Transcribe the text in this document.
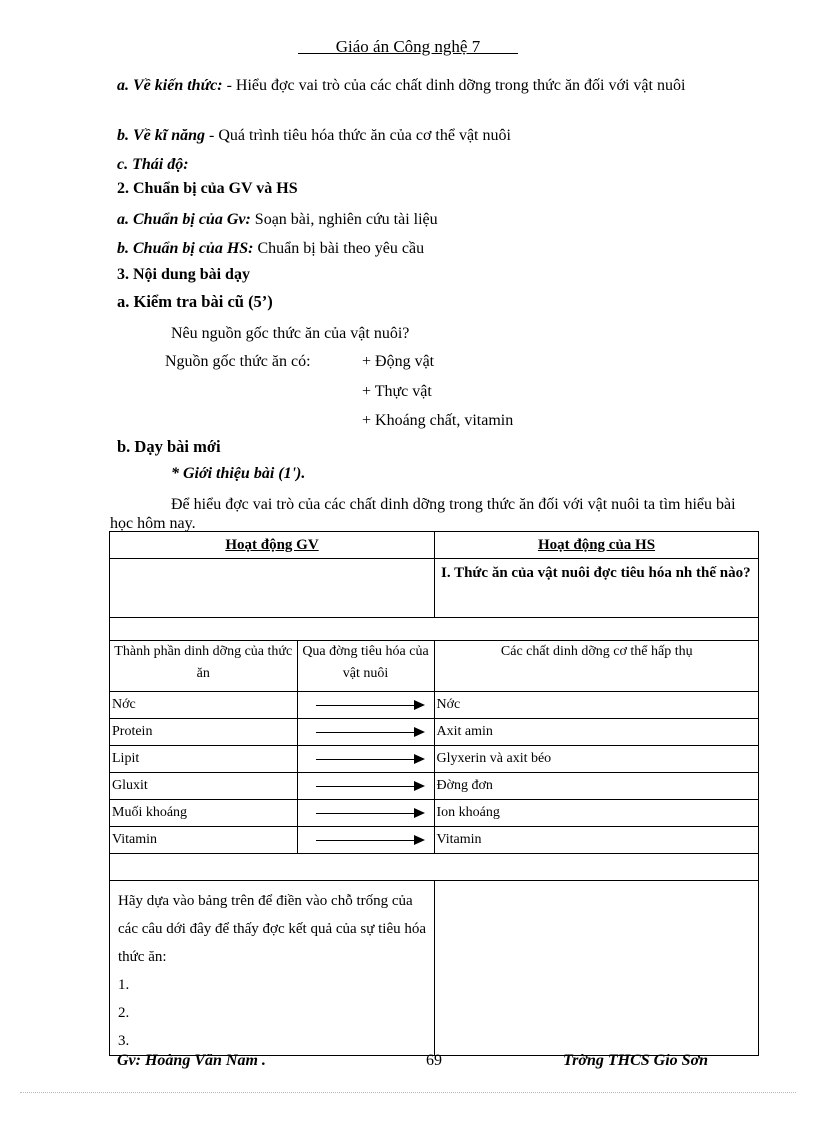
Giáo án Công nghệ 7
a. Về kiến thức: - Hiểu đợc vai trò của các chất dinh dỡng trong thức ăn đối với vật nuôi
b. Về kĩ năng - Quá trình tiêu hóa thức ăn của cơ thể vật nuôi
c. Thái độ:
2. Chuẩn bị của GV và HS
a. Chuẩn bị của Gv: Soạn bài, nghiên cứu tài liệu
b. Chuẩn bị của HS: Chuẩn bị bài theo yêu cầu
3. Nội dung bài dạy
a. Kiểm tra bài cũ (5’)
Nêu nguồn gốc thức ăn của vật nuôi?
Nguồn gốc thức ăn có:	+ Động vật
+ Thực vật
+ Khoáng chất, vitamin
b. Dạy bài mới
* Giới thiệu bài (1').
Để hiểu đợc vai trò của các chất dinh dỡng trong thức ăn đối với vật nuôi ta tìm hiểu bài học hôm nay.
Hoạt động GV	Hoạt động của HS
	I. Thức ăn của vật nuôi đợc tiêu hóa nh thế nào?

Thành phần dinh dỡng của thức ăn	Qua đờng tiêu hóa của vật nuôi	Các chất dinh dỡng cơ thể hấp thụ
Nớc		Nớc
Protein		Axit amin
Lipit		Glyxerin và axit béo
Gluxit		Đờng đơn
Muối khoáng		Ion khoáng
Vitamin		Vitamin

Hãy dựa vào bảng trên để điền vào chỗ trống của các câu dới đây để thấy đợc kết quả của sự tiêu hóa thức ăn:
1.
2.
3.

Gv: Hoàng Văn Nam .	69	Trờng THCS Gio Sơn
